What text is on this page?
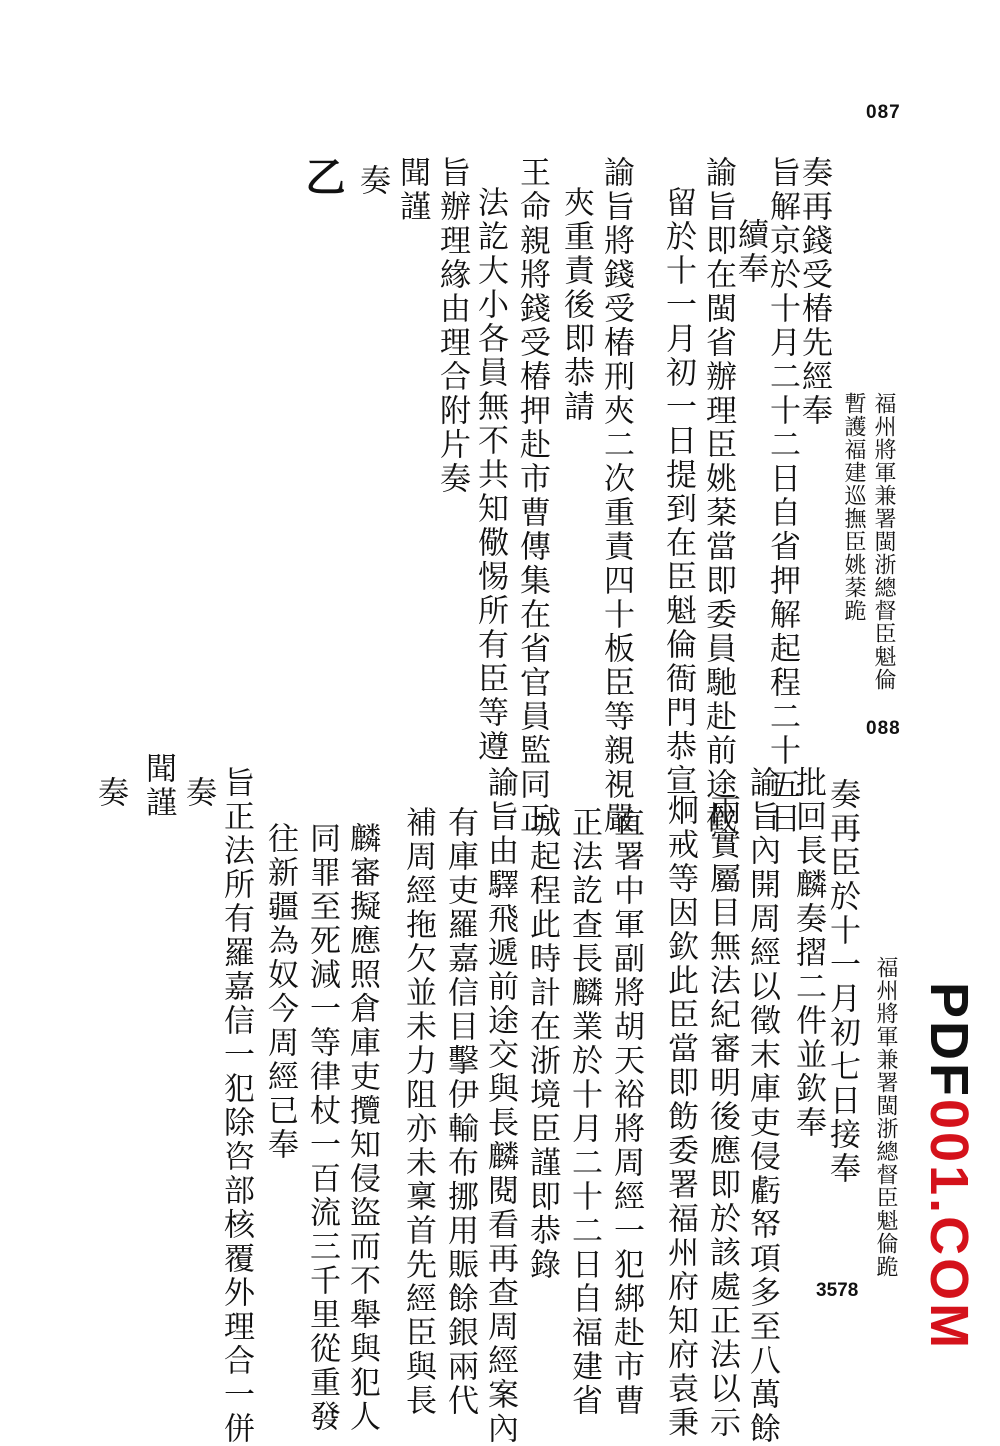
087
福州將軍兼署閩浙總督臣魁倫
暫護福建巡撫臣姚棻跪
奏再錢受椿先經奉
旨解京於十月二十二日自省押解起程二十五日
續奉
諭旨即在閩省辦理臣姚棻當即委員馳赴前途截
留於十一月初一日提到在臣魁倫衙門恭宣
諭旨將錢受椿刑夾二次重責四十板臣等親視嚴
夾重責後即恭請
王命親將錢受椿押赴市曹傳集在省官員監同正
法訖大小各員無不共知儆惕所有臣等遵
旨辦理緣由理合附片奏
聞謹
奏
乙
088
福州將軍兼署閩浙總督臣魁倫跪
奏再臣於十一月初七日接奉
批回長麟奏摺二件並欽奉
諭旨內開周經以徵末庫吏侵虧帑項多至八萬餘
兩實屬目無法紀審明後應即於該處正法以示
炯戒等因欽此臣當即飭委署福州府知府袁秉
直署中軍副將胡天裕將周經一犯綁赴市曹
正法訖查長麟業於十月二十二日自福建省
城起程此時計在浙境臣謹即恭錄
諭旨由驛飛遞前途交與長麟閱看再查周經案內
有庫吏羅嘉信目擊伊輸布挪用賑餘銀兩代
補周經拖欠並未力阻亦未稟首先經臣與長
麟審擬應照倉庫吏攬知侵盜而不舉與犯人
同罪至死減一等律杖一百流三千里從重發
往新疆為奴今周經已奉
旨正法所有羅嘉信一犯除咨部核覆外理合一併
奏
聞謹
奏
PDF001.COM
3578
